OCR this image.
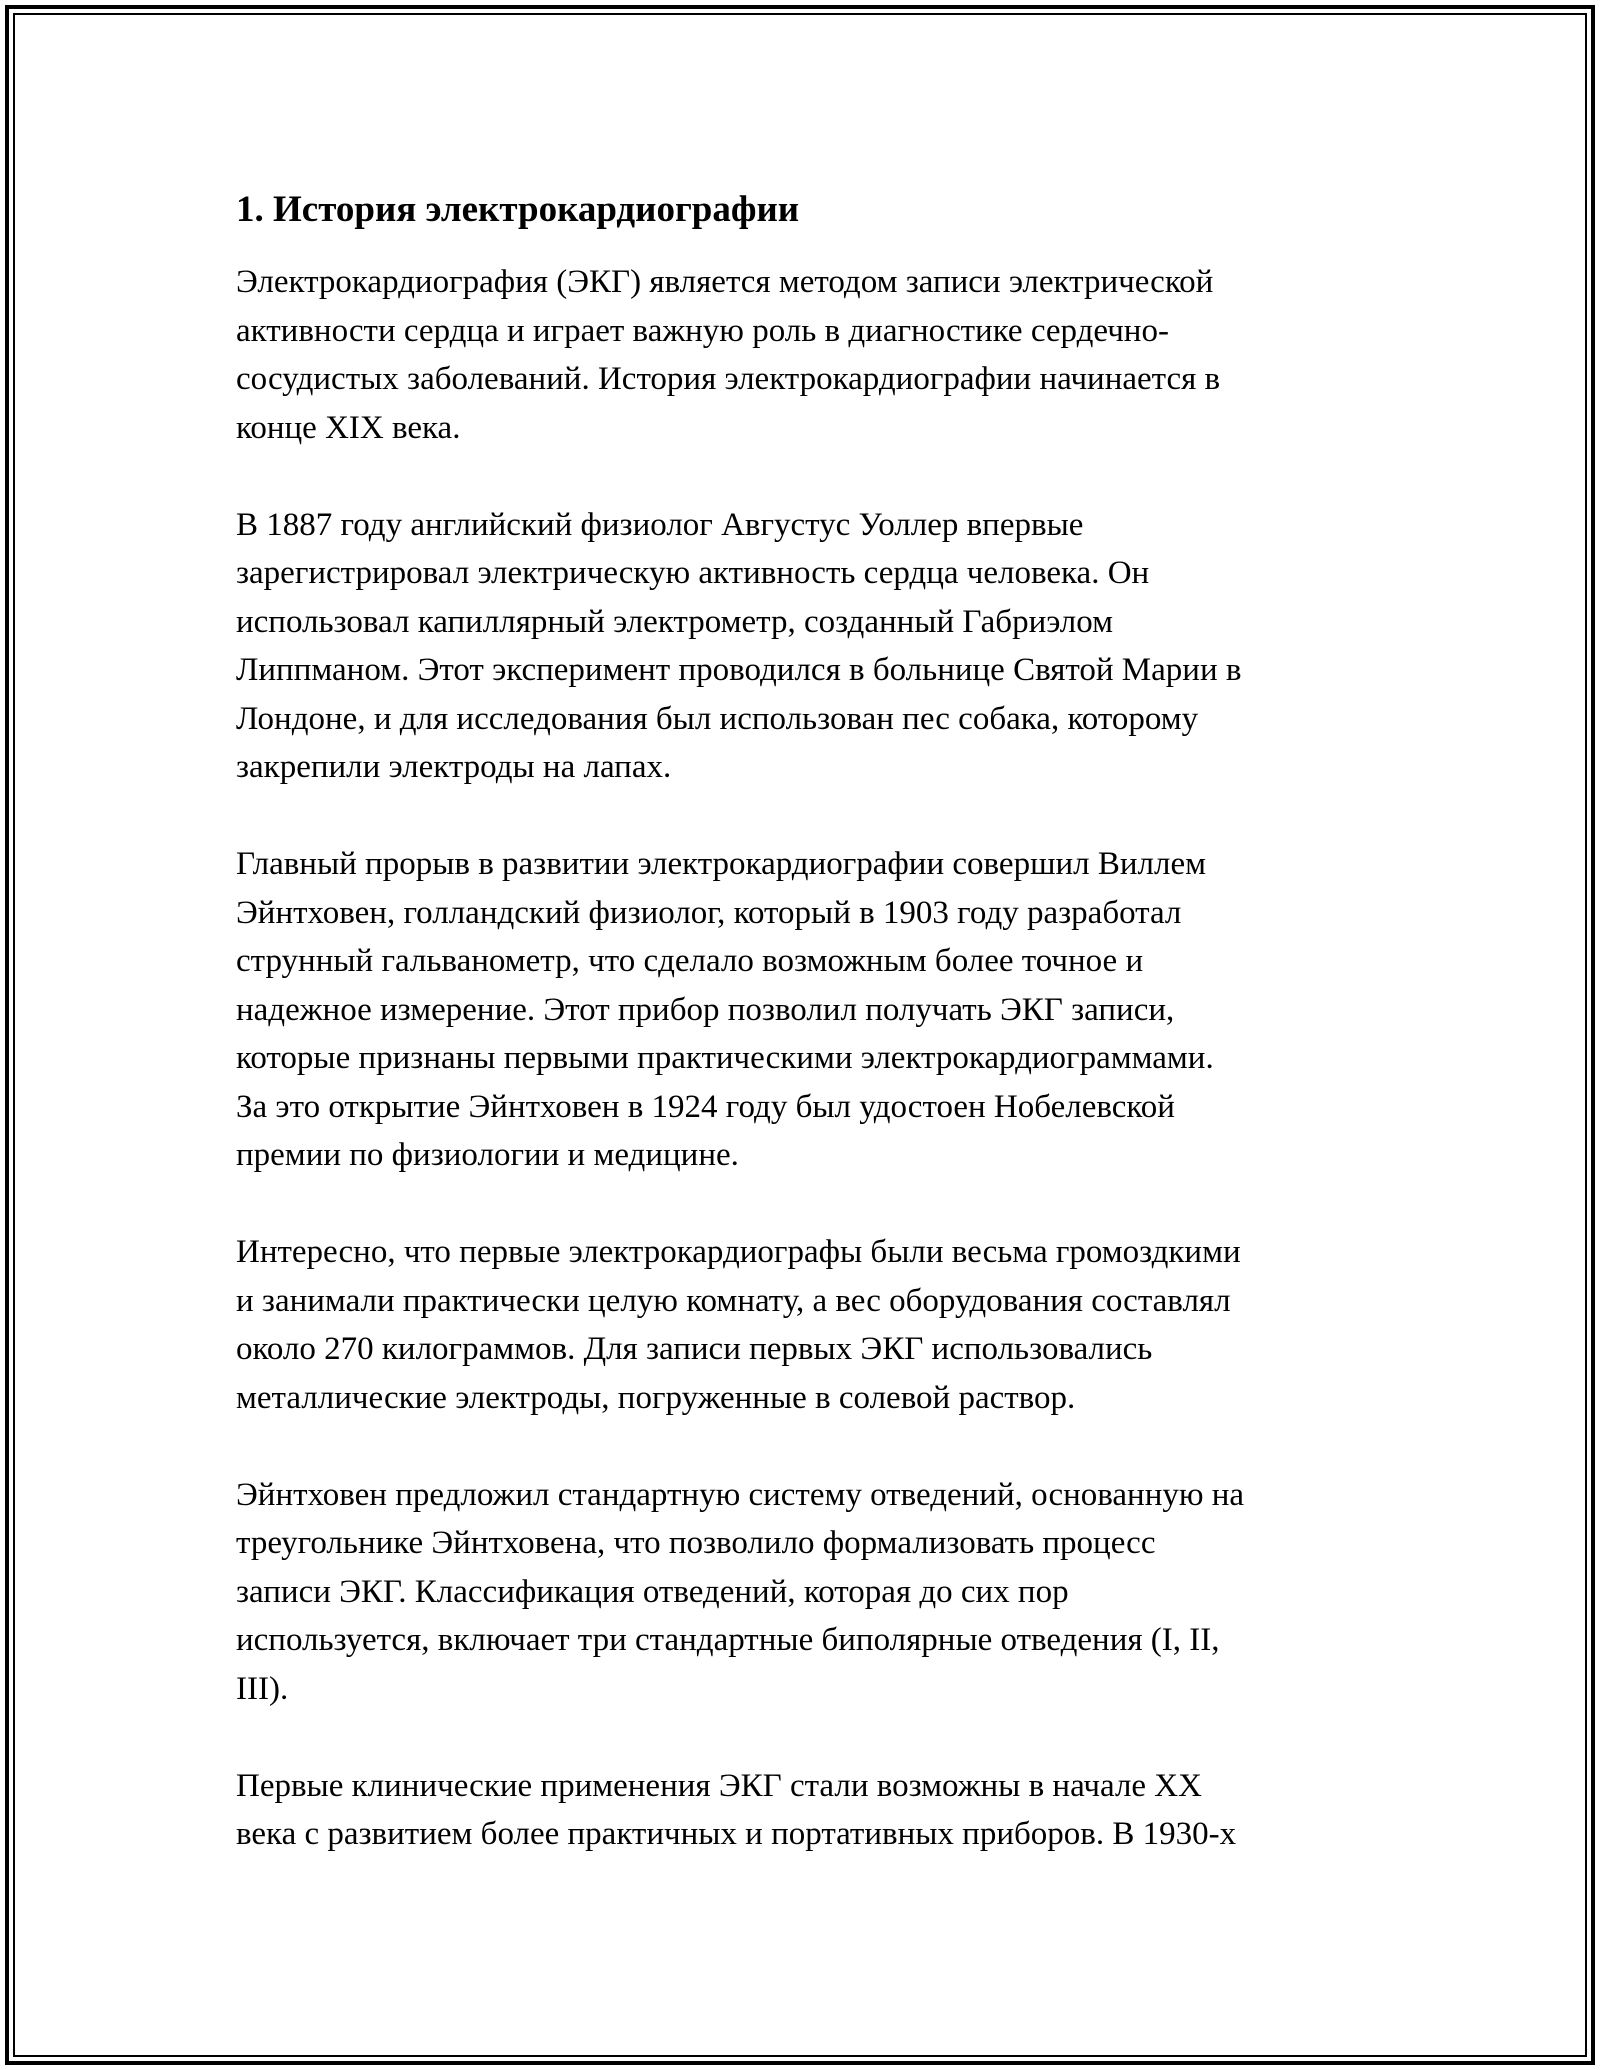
1. История электрокардиографии

Электрокардиография (ЭКГ) является методом записи электрической
активности сердца и играет важную роль в диагностике сердечно-
сосудистых заболеваний. История электрокардиографии начинается в
конце XIX века.

В 1887 году английский физиолог Августус Уоллер впервые
зарегистрировал электрическую активность сердца человека. Он
использовал капиллярный электрометр, созданный Габриэлом
Липпманом. Этот эксперимент проводился в больнице Святой Марии в
Лондоне, и для исследования был использован пес собака, которому
закрепили электроды на лапах.

Главный прорыв в развитии электрокардиографии совершил Виллем
Эйнтховен, голландский физиолог, который в 1903 году разработал
струнный гальванометр, что сделало возможным более точное и
надежное измерение. Этот прибор позволил получать ЭКГ записи,
которые признаны первыми практическими электрокардиограммами.
За это открытие Эйнтховен в 1924 году был удостоен Нобелевской
премии по физиологии и медицине.

Интересно, что первые электрокардиографы были весьма громоздкими
и занимали практически целую комнату, а вес оборудования составлял
около 270 килограммов. Для записи первых ЭКГ использовались
металлические электроды, погруженные в солевой раствор.

Эйнтховен предложил стандартную систему отведений, основанную на
треугольнике Эйнтховена, что позволило формализовать процесс
записи ЭКГ. Классификация отведений, которая до сих пор
используется, включает три стандартные биполярные отведения (I, II,
III).

Первые клинические применения ЭКГ стали возможны в начале XX
века с развитием более практичных и портативных приборов. В 1930-х
